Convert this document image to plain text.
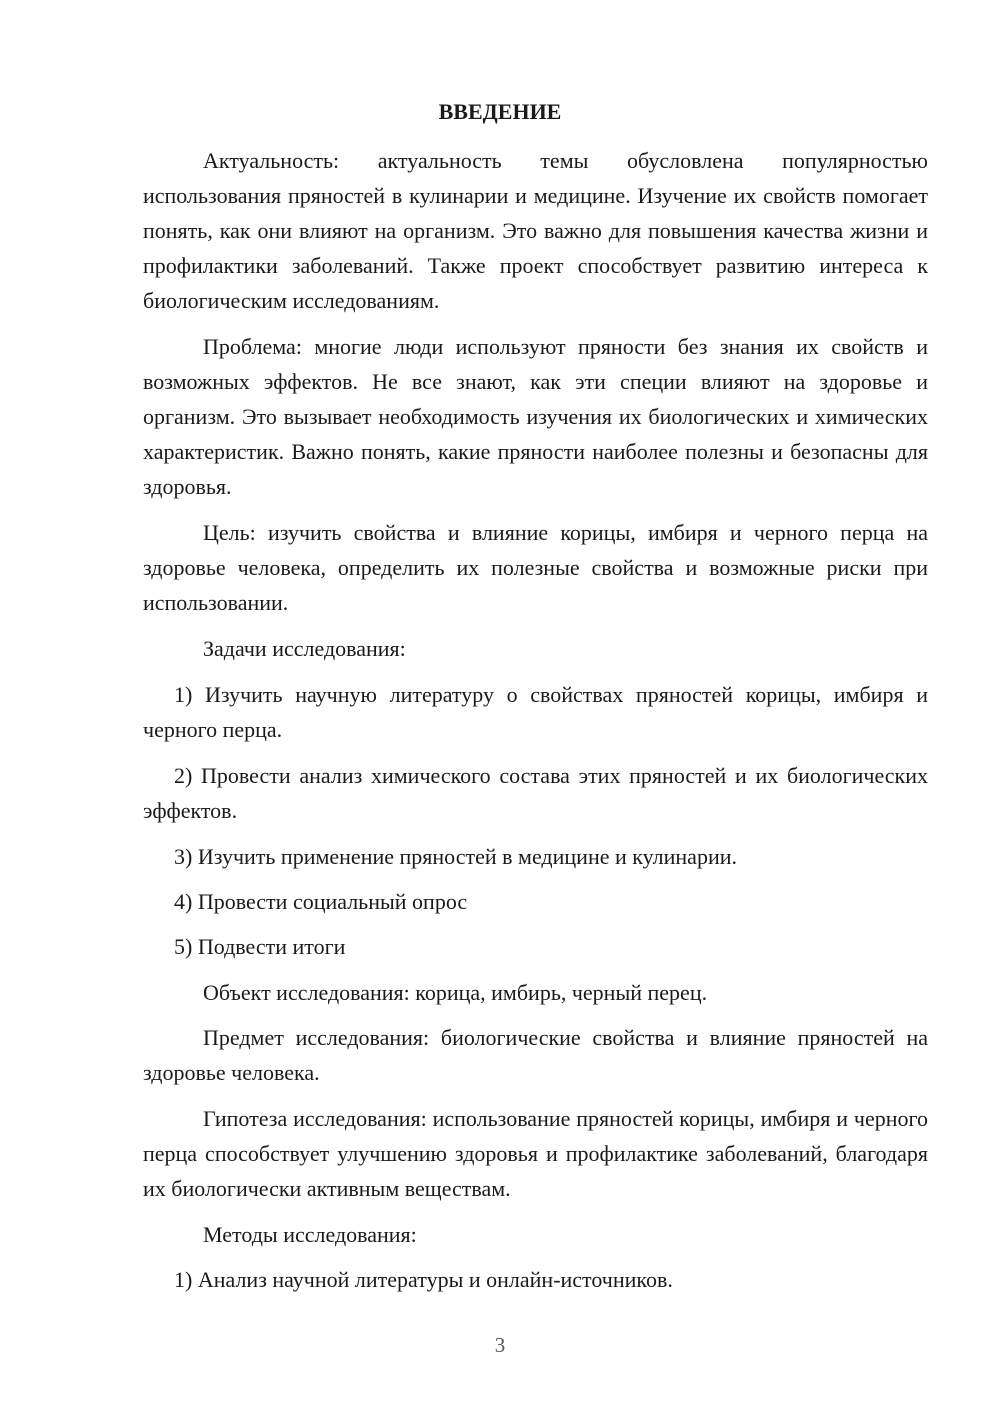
ВВЕДЕНИЕ

Актуальность: актуальность темы обусловлена популярностью использования пряностей в кулинарии и медицине. Изучение их свойств помогает понять, как они влияют на организм. Это важно для повышения качества жизни и профилактики заболеваний. Также проект способствует развитию интереса к биологическим исследованиям.

Проблема: многие люди используют пряности без знания их свойств и возможных эффектов. Не все знают, как эти специи влияют на здоровье и организм. Это вызывает необходимость изучения их биологических и химических характеристик. Важно понять, какие пряности наиболее полезны и безопасны для здоровья.

Цель: изучить свойства и влияние корицы, имбиря и черного перца на здоровье человека, определить их полезные свойства и возможные риски при использовании.

Задачи исследования:

1) Изучить научную литературу о свойствах пряностей корицы, имбиря и черного перца.

2) Провести анализ химического состава этих пряностей и их биологических эффектов.

3) Изучить применение пряностей в медицине и кулинарии.

4) Провести социальный опрос

5) Подвести итоги

Объект исследования: корица, имбирь, черный перец.

Предмет исследования: биологические свойства и влияние пряностей на здоровье человека.

Гипотеза исследования: использование пряностей корицы, имбиря и черного перца способствует улучшению здоровья и профилактике заболеваний, благодаря их биологически активным веществам.

Методы исследования:

1) Анализ научной литературы и онлайн-источников.

3
